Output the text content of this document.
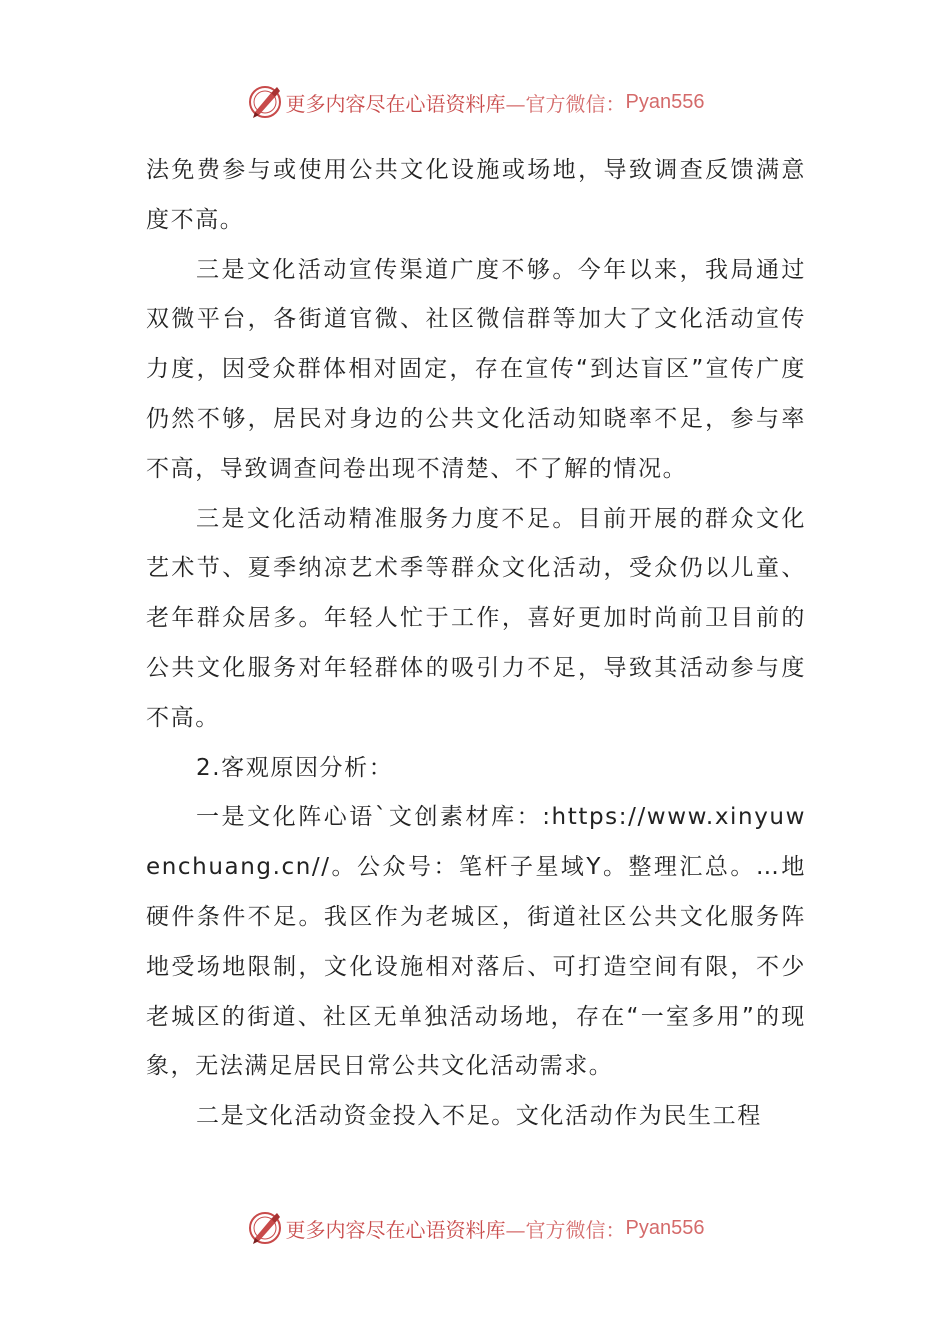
更多内容尽在心语资料库 —官方微信： Pyan556

法免费参与或使用公共文化设施或场地，导致调查反馈满意度不高。

三是文化活动宣传渠道广度不够。今年以来，我局通过双微平台，各街道官微、社区微信群等加大了文化活动宣传力度，因受众群体相对固定，存在宣传“到达盲区”宣传广度仍然不够，居民对身边的公共文化活动知晓率不足，参与率不高，导致调查问卷出现不清楚、不了解的情况。

三是文化活动精准服务力度不足。目前开展的群众文化艺术节、夏季纳凉艺术季等群众文化活动，受众仍以儿童、老年群众居多。年轻人忙于工作，喜好更加时尚前卫目前的公共文化服务对年轻群体的吸引力不足，导致其活动参与度不高。

2.客观原因分析：

一是文化阵心语`文创素材库：:https://www.xinyuwenchuang.cn//。公众号：笔杆子星域Y。整理汇总。…地硬件条件不足。我区作为老城区，街道社区公共文化服务阵地受场地限制，文化设施相对落后、可打造空间有限，不少老城区的街道、社区无单独活动场地，存在“一室多用”的现象，无法满足居民日常公共文化活动需求。

二是文化活动资金投入不足。文化活动作为民生工程

更多内容尽在心语资料库 —官方微信： Pyan556
